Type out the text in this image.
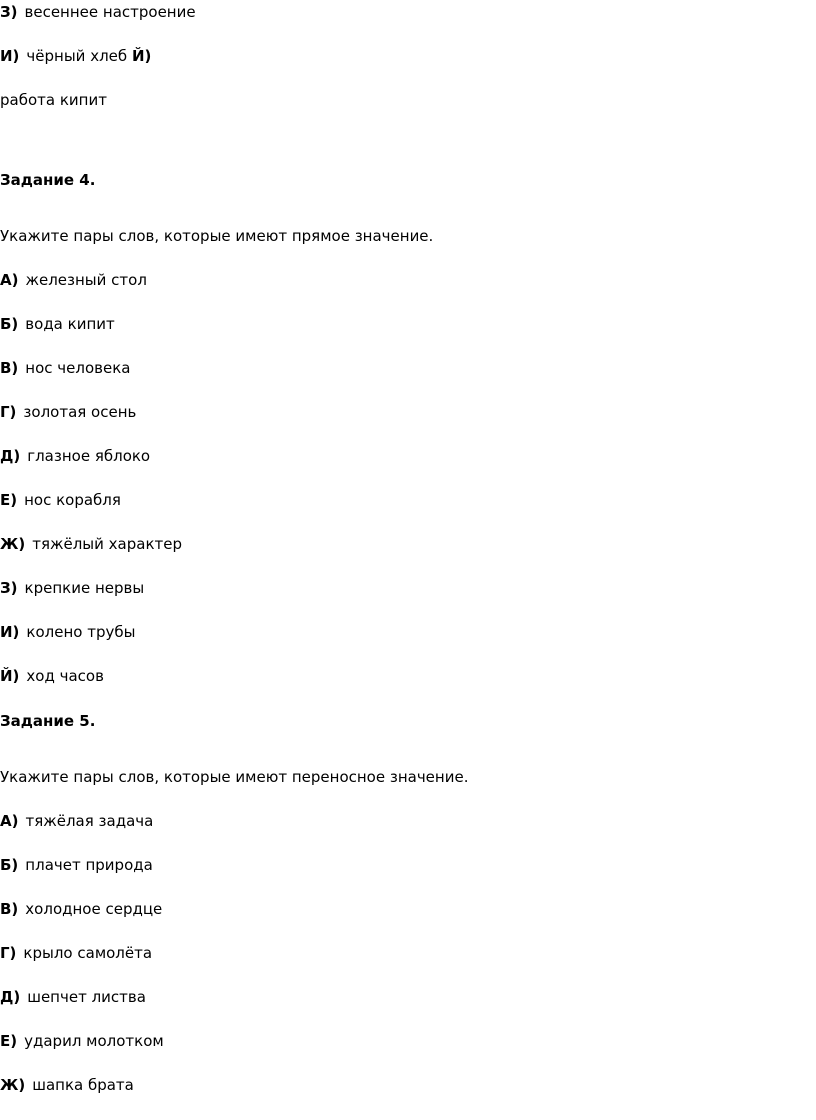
З) весеннее настроение
И) чёрный хлеб Й)
работа кипит
Задание 4.
Укажите пары слов, которые имеют прямое значение.
А) железный стол
Б) вода кипит
В) нос человека
Г) золотая осень
Д) глазное яблоко
Е) нос корабля
Ж) тяжёлый характер
З) крепкие нервы
И) колено трубы
Й) ход часов
Задание 5.
Укажите пары слов, которые имеют переносное значение.
А) тяжёлая задача
Б) плачет природа
В) холодное сердце
Г) крыло самолёта
Д) шепчет листва
Е) ударил молотком
Ж) шапка брата
